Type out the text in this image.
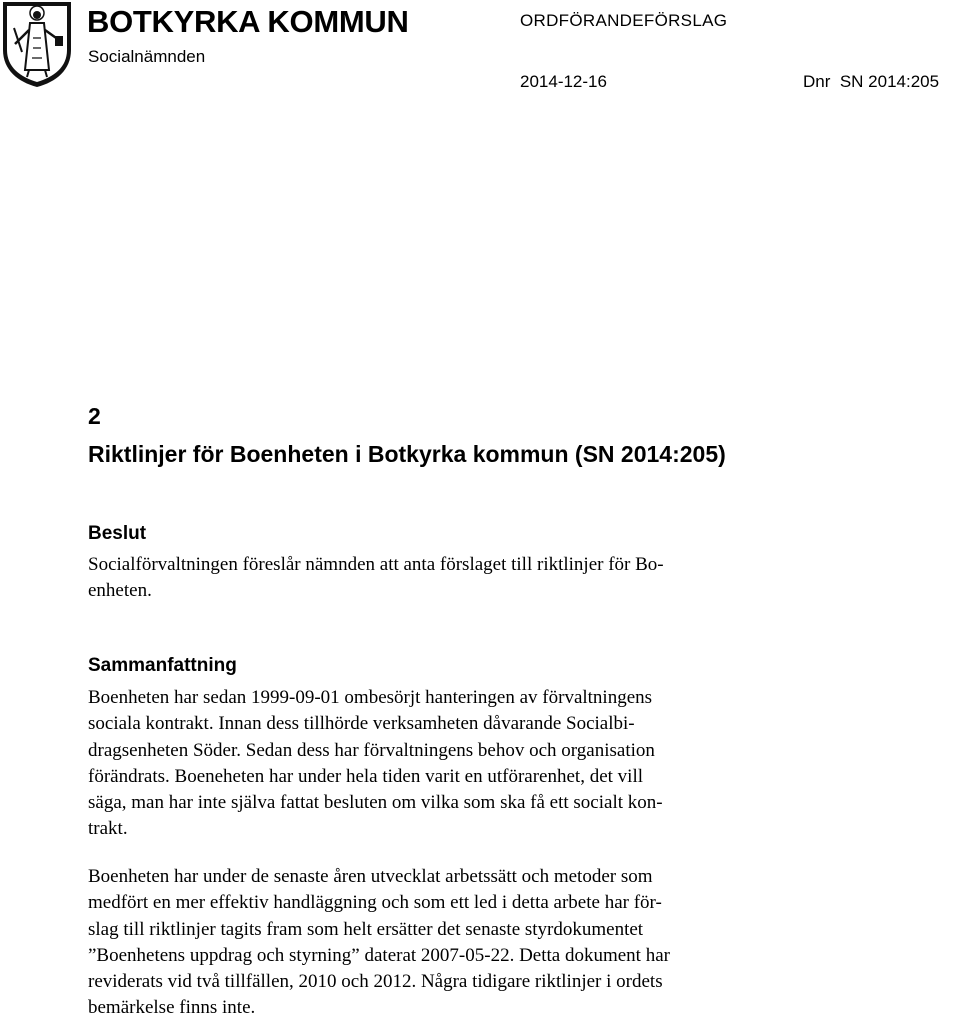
BOTKYRKA KOMMUN
Socialnämnden
ORDFÖRANDEFÖRSLAG
2014-12-16	Dnr  SN 2014:205
2
Riktlinjer för Boenheten i Botkyrka kommun (SN 2014:205)
Beslut
Socialförvaltningen föreslår nämnden att anta förslaget till riktlinjer för Bo-
enheten.
Sammanfattning
Boenheten har sedan 1999-09-01 ombesörjt hanteringen av förvaltningens
sociala kontrakt. Innan dess tillhörde verksamheten dåvarande Socialbi-
dragsenheten Söder. Sedan dess har förvaltningens behov och organisation
förändrats. Boeneheten har under hela tiden varit en utförarenhet, det vill
säga, man har inte själva fattat besluten om vilka som ska få ett socialt kon-
trakt.
Boenheten har under de senaste åren utvecklat arbetssätt och metoder som
medfört en mer effektiv handläggning och som ett led i detta arbete har för-
slag till riktlinjer tagits fram som helt ersätter det senaste styrdokumentet
”Boenhetens uppdrag och styrning” daterat 2007-05-22. Detta dokument har
reviderats vid två tillfällen, 2010 och 2012. Några tidigare riktlinjer i ordets
bemärkelse finns inte.
